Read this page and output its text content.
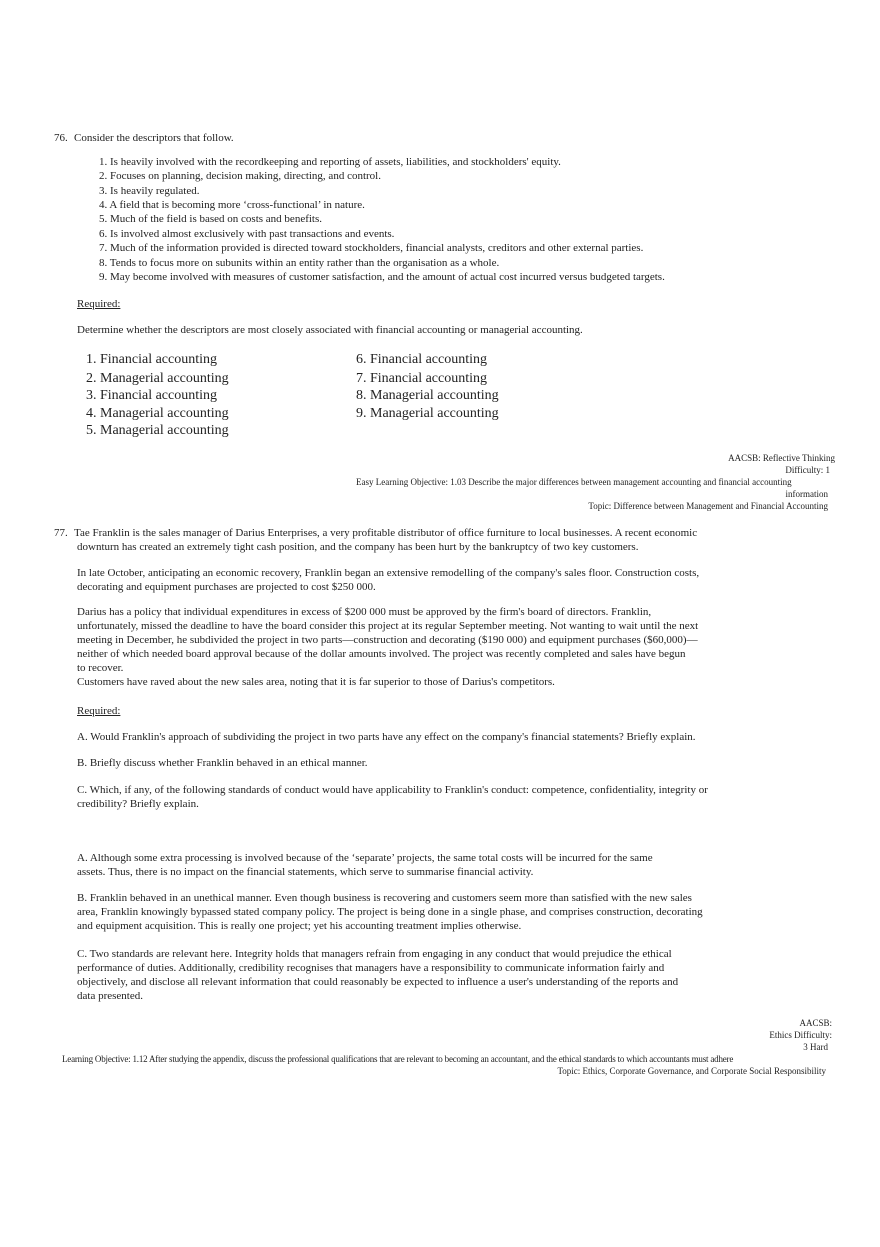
76. Consider the descriptors that follow.
1. Is heavily involved with the recordkeeping and reporting of assets, liabilities, and stockholders' equity.
2. Focuses on planning, decision making, directing, and control.
3. Is heavily regulated.
4. A field that is becoming more ‘cross-functional’ in nature.
5. Much of the field is based on costs and benefits.
6. Is involved almost exclusively with past transactions and events.
7. Much of the information provided is directed toward stockholders, financial analysts, creditors and other external parties.
8. Tends to focus more on subunits within an entity rather than the organisation as a whole.
9. May become involved with measures of customer satisfaction, and the amount of actual cost incurred versus budgeted targets.
Required:
Determine whether the descriptors are most closely associated with financial accounting or managerial accounting.
1. Financial accounting
2. Managerial accounting
3. Financial accounting
4. Managerial accounting
5. Managerial accounting
6. Financial accounting
7. Financial accounting
8. Managerial accounting
9. Managerial accounting
AACSB: Reflective Thinking
Difficulty: 1
Easy Learning Objective: 1.03 Describe the major differences between management accounting and financial accounting
information
Topic: Difference between Management and Financial Accounting
77. Tae Franklin is the sales manager of Darius Enterprises, a very profitable distributor of office furniture to local businesses. A recent economic
downturn has created an extremely tight cash position, and the company has been hurt by the bankruptcy of two key customers.
In late October, anticipating an economic recovery, Franklin began an extensive remodelling of the company's sales floor. Construction costs,
decorating and equipment purchases are projected to cost $250 000.
Darius has a policy that individual expenditures in excess of $200 000 must be approved by the firm's board of directors. Franklin,
unfortunately, missed the deadline to have the board consider this project at its regular September meeting. Not wanting to wait until the next
meeting in December, he subdivided the project in two parts—construction and decorating ($190 000) and equipment purchases ($60,000)—
neither of which needed board approval because of the dollar amounts involved. The project was recently completed and sales have begun
to recover.
Customers have raved about the new sales area, noting that it is far superior to those of Darius's competitors.
Required:
A. Would Franklin's approach of subdividing the project in two parts have any effect on the company's financial statements? Briefly explain.
B. Briefly discuss whether Franklin behaved in an ethical manner.
C. Which, if any, of the following standards of conduct would have applicability to Franklin's conduct: competence, confidentiality, integrity or
credibility? Briefly explain.
A. Although some extra processing is involved because of the ‘separate’ projects, the same total costs will be incurred for the same
assets. Thus, there is no impact on the financial statements, which serve to summarise financial activity.
B. Franklin behaved in an unethical manner. Even though business is recovering and customers seem more than satisfied with the new sales
area, Franklin knowingly bypassed stated company policy. The project is being done in a single phase, and comprises construction, decorating
and equipment acquisition. This is really one project; yet his accounting treatment implies otherwise.
C. Two standards are relevant here. Integrity holds that managers refrain from engaging in any conduct that would prejudice the ethical
performance of duties. Additionally, credibility recognises that managers have a responsibility to communicate information fairly and
objectively, and disclose all relevant information that could reasonably be expected to influence a user's understanding of the reports and
data presented.
AACSB:
Ethics Difficulty:
3 Hard
Learning Objective: 1.12 After studying the appendix, discuss the professional qualifications that are relevant to becoming an accountant, and the ethical standards to which accountants must adhere
Topic: Ethics, Corporate Governance, and Corporate Social Responsibility
